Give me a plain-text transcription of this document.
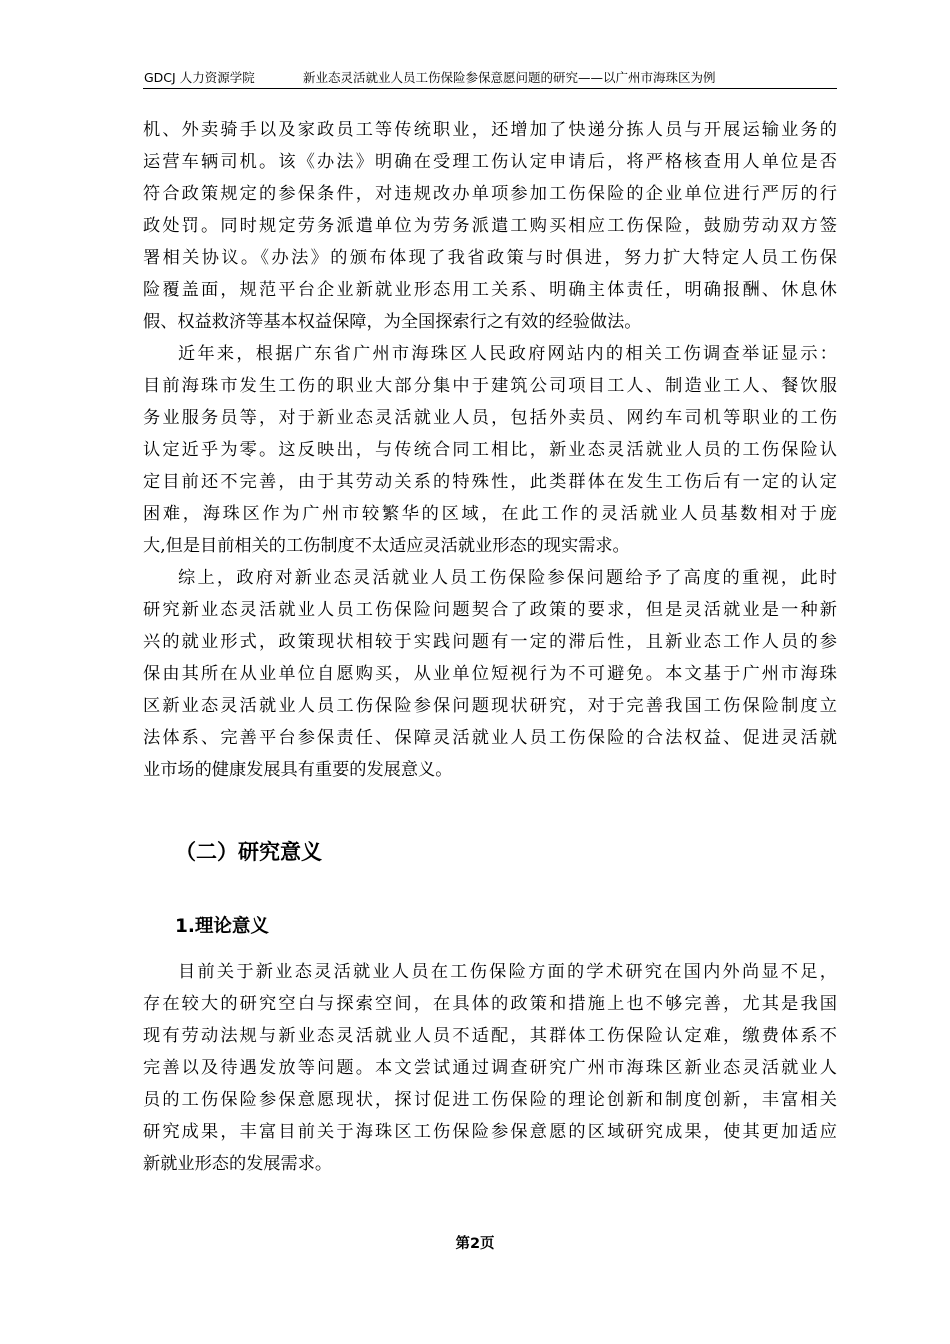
GDCJ 人力资源学院	新业态灵活就业人员工伤保险参保意愿问题的研究——以广州市海珠区为例
机、外卖骑手以及家政员工等传统职业，还增加了快递分拣人员与开展运输业务的
运营车辆司机。该《办法》明确在受理工伤认定申请后，将严格核查用人单位是否
符合政策规定的参保条件，对违规改办单项参加工伤保险的企业单位进行严厉的行
政处罚。同时规定劳务派遣单位为劳务派遣工购买相应工伤保险，鼓励劳动双方签
署相关协议。《办法》的颁布体现了我省政策与时俱进，努力扩大特定人员工伤保
险覆盖面，规范平台企业新就业形态用工关系、明确主体责任，明确报酬、休息休
假、权益救济等基本权益保障，为全国探索行之有效的经验做法。
近年来，根据广东省广州市海珠区人民政府网站内的相关工伤调查举证显示：
目前海珠市发生工伤的职业大部分集中于建筑公司项目工人、制造业工人、餐饮服
务业服务员等，对于新业态灵活就业人员，包括外卖员、网约车司机等职业的工伤
认定近乎为零。这反映出，与传统合同工相比，新业态灵活就业人员的工伤保险认
定目前还不完善，由于其劳动关系的特殊性，此类群体在发生工伤后有一定的认定
困难，海珠区作为广州市较繁华的区域，在此工作的灵活就业人员基数相对于庞
大,但是目前相关的工伤制度不太适应灵活就业形态的现实需求。
综上，政府对新业态灵活就业人员工伤保险参保问题给予了高度的重视，此时
研究新业态灵活就业人员工伤保险问题契合了政策的要求，但是灵活就业是一种新
兴的就业形式，政策现状相较于实践问题有一定的滞后性，且新业态工作人员的参
保由其所在从业单位自愿购买，从业单位短视行为不可避免。本文基于广州市海珠
区新业态灵活就业人员工伤保险参保问题现状研究，对于完善我国工伤保险制度立
法体系、完善平台参保责任、保障灵活就业人员工伤保险的合法权益、促进灵活就
业市场的健康发展具有重要的发展意义。
（二）研究意义
1.理论意义
目前关于新业态灵活就业人员在工伤保险方面的学术研究在国内外尚显不足，
存在较大的研究空白与探索空间，在具体的政策和措施上也不够完善，尤其是我国
现有劳动法规与新业态灵活就业人员不适配，其群体工伤保险认定难，缴费体系不
完善以及待遇发放等问题。本文尝试通过调查研究广州市海珠区新业态灵活就业人
员的工伤保险参保意愿现状，探讨促进工伤保险的理论创新和制度创新，丰富相关
研究成果，丰富目前关于海珠区工伤保险参保意愿的区域研究成果，使其更加适应
新就业形态的发展需求。
第2页
